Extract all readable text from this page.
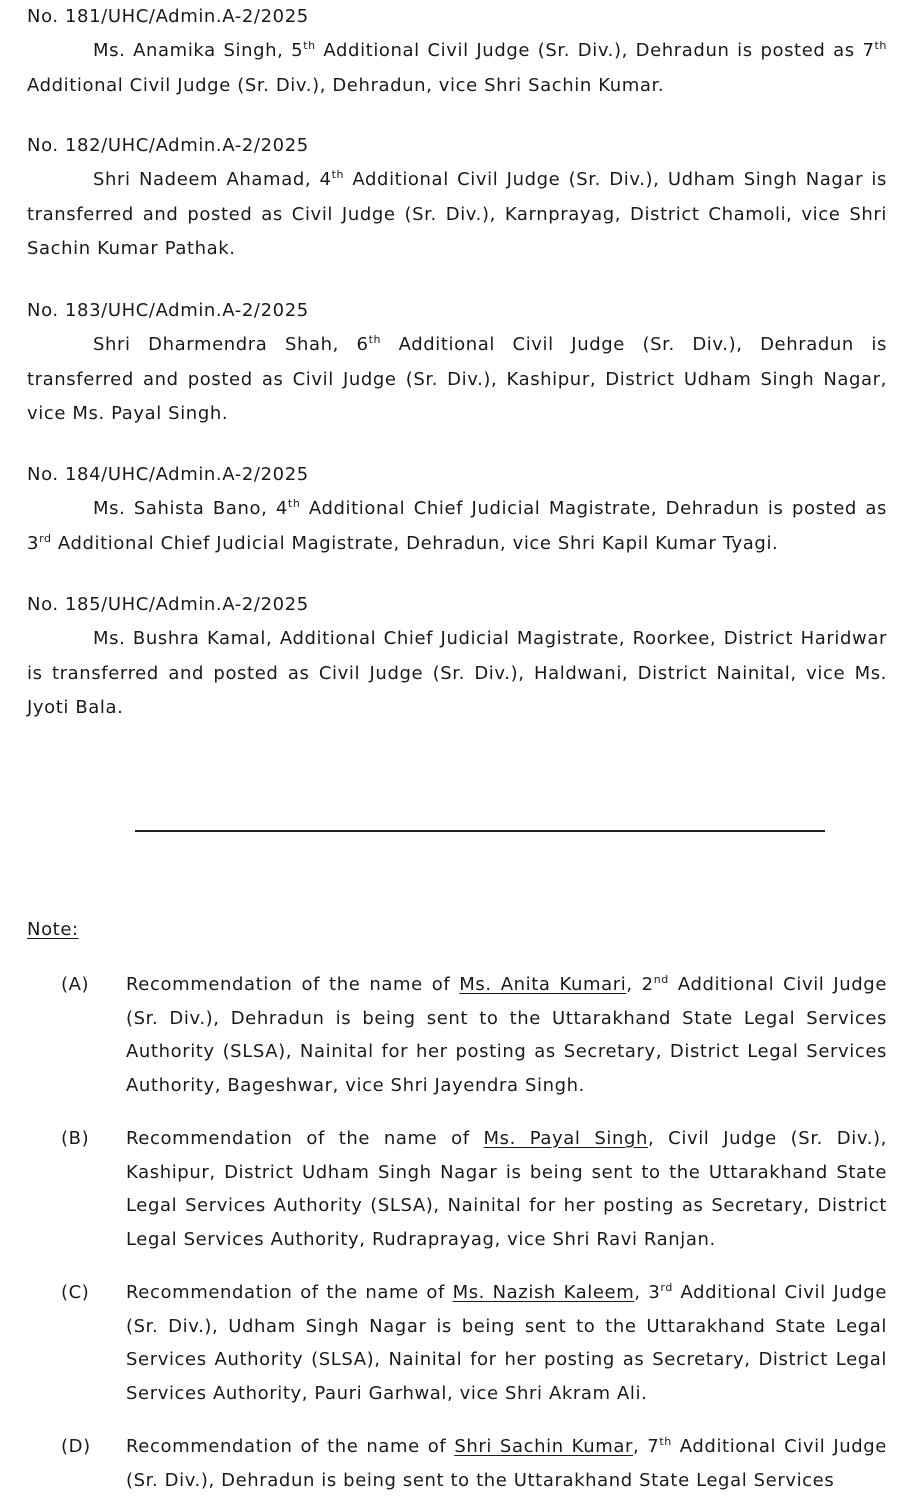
No. 181/UHC/Admin.A-2/2025

Ms. Anamika Singh, 5th Additional Civil Judge (Sr. Div.), Dehradun is posted as 7th Additional Civil Judge (Sr. Div.), Dehradun, vice Shri Sachin Kumar.

No. 182/UHC/Admin.A-2/2025

Shri Nadeem Ahamad, 4th Additional Civil Judge (Sr. Div.), Udham Singh Nagar is transferred and posted as Civil Judge (Sr. Div.), Karnprayag, District Chamoli, vice Shri Sachin Kumar Pathak.

No. 183/UHC/Admin.A-2/2025

Shri Dharmendra Shah, 6th Additional Civil Judge (Sr. Div.), Dehradun is transferred and posted as Civil Judge (Sr. Div.), Kashipur, District Udham Singh Nagar, vice Ms. Payal Singh.

No. 184/UHC/Admin.A-2/2025

Ms. Sahista Bano, 4th Additional Chief Judicial Magistrate, Dehradun is posted as 3rd Additional Chief Judicial Magistrate, Dehradun, vice Shri Kapil Kumar Tyagi.

No. 185/UHC/Admin.A-2/2025

Ms. Bushra Kamal, Additional Chief Judicial Magistrate, Roorkee, District Haridwar is transferred and posted as Civil Judge (Sr. Div.), Haldwani, District Nainital, vice Ms. Jyoti Bala.

Note:

(A) Recommendation of the name of Ms. Anita Kumari, 2nd Additional Civil Judge (Sr. Div.), Dehradun is being sent to the Uttarakhand State Legal Services Authority (SLSA), Nainital for her posting as Secretary, District Legal Services Authority, Bageshwar, vice Shri Jayendra Singh.

(B) Recommendation of the name of Ms. Payal Singh, Civil Judge (Sr. Div.), Kashipur, District Udham Singh Nagar is being sent to the Uttarakhand State Legal Services Authority (SLSA), Nainital for her posting as Secretary, District Legal Services Authority, Rudraprayag, vice Shri Ravi Ranjan.

(C) Recommendation of the name of Ms. Nazish Kaleem, 3rd Additional Civil Judge (Sr. Div.), Udham Singh Nagar is being sent to the Uttarakhand State Legal Services Authority (SLSA), Nainital for her posting as Secretary, District Legal Services Authority, Pauri Garhwal, vice Shri Akram Ali.

(D) Recommendation of the name of Shri Sachin Kumar, 7th Additional Civil Judge (Sr. Div.), Dehradun is being sent to the Uttarakhand State Legal Services
